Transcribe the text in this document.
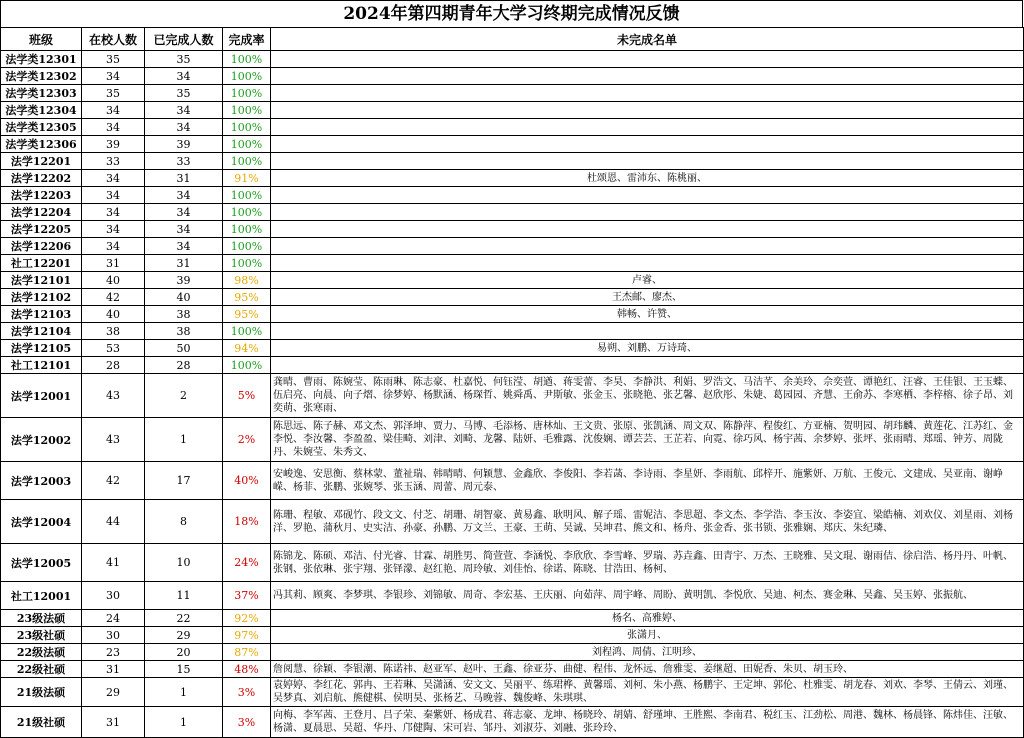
2024年第四期青年大学习终期完成情况反馈
班级	在校人数	已完成人数	完成率	未完成名单
法学类12301	35	35	100%	
法学类12302	34	34	100%	
法学类12303	35	35	100%	
法学类12304	34	34	100%	
法学类12305	34	34	100%	
法学类12306	39	39	100%	
法学12201	33	33	100%	
法学12202	34	31	91%	杜颂恩、雷沛东、陈桃丽、
法学12203	34	34	100%	
法学12204	34	34	100%	
法学12205	34	34	100%	
法学12206	34	34	100%	
社工12201	31	31	100%	
法学12101	40	39	98%	卢睿、
法学12102	42	40	95%	王杰邮、廖杰、
法学12103	40	38	95%	韩畅、许赞、
法学12104	38	38	100%	
法学12105	53	50	94%	易朔、刘鹏、万诗琦、
社工12101	28	28	100%	
法学12001	43	2	5%	龚晴、曹雨、陈婉莹、陈雨琳、陈志豪、杜嘉悦、何钰滢、胡遒、蒋雯蕾、李昊、李静洪、利娟、罗浩文、马洁芊、余美玲、佘奕萱、谭艳红、汪睿、王佳银、王玉蝶、伍启亮、向晨、向子熠、徐梦婷、杨默涵、杨琛哲、姚舜禹、尹斯敏、张金玉、张晓艳、张艺馨、赵欣彤、朱婕、葛园园、齐慧、王俞苏、李寒栖、李梓榕、徐子昂、刘奕萌、张寒雨、
法学12002	43	1	2%	陈思远、陈子赫、邓文杰、郭泽坤、贾力、马博、毛添杨、唐林灿、王文贵、张原、张凯涵、周文双、陈静萍、程俊红、方亚楠、贺明园、胡玮麟、黄莲花、江苏红、金李悦、李汝馨、李盈盈、梁佳畸、刘津、刘畸、龙馨、陆妍、毛雅露、沈俊娴、谭芸芸、王芷若、向霓、徐巧风、杨宇茜、余梦婷、张坪、张雨晴、郑瑶、钟芳、周陇丹、朱婉莹、朱秀文、
法学12003	42	17	40%	安峻逸、安思衡、蔡林蒙、董祉瑞、韩晴晴、何颖慧、金鑫欣、李俊阳、李若菡、李诗雨、李星妍、李雨航、邱梓开、施紫妍、万航、王俊元、文建成、吴亚南、谢峥嵘、杨菲、张鹏、张婉琴、张玉涵、周蕾、周元泰、
法学12004	44	8	18%	陈珊、程敏、邓砚竹、段文文、付芝、胡珊、胡智豪、黄易鑫、耿明风、解子瑶、雷妮洁、李思超、李文杰、李学浩、李玉汝、李姿宜、梁皓楠、刘欢仪、刘星雨、刘杨洋、罗艳、蒲秋月、史实洁、孙豪、孙鹏、万文兰、王豪、王萌、吴诚、吴坤君、熊文和、杨舟、张金香、张书锁、张雅娴、郑庆、朱纪璘、
法学12005	41	10	24%	陈锦龙、陈硕、邓洁、付光睿、甘霖、胡胜男、简萱萱、李涵悦、李欣欣、李雪峰、罗瑞、苏垚鑫、田青宇、万杰、王晓雅、吴文琨、谢雨佶、徐启浩、杨丹丹、叶帆、张钢、张依琳、张宇翔、张铎濛、赵红艳、周玲敏、刘佳怡、徐诺、陈晓、甘浩田、杨柯、
社工12001	30	11	37%	冯其莉、顾爽、李梦琪、李银珍、刘锦敏、周奇、李宏基、王庆丽、向茹萍、周宇峰、周盼、黄明凯、李悦欣、吴迪、柯杰、赛金琳、吴鑫、吴玉婷、张振航、
23级法硕	24	22	92%	杨名、高雅婷、
23级社硕	30	29	97%	张潇月、
22级法硕	23	20	87%	刘程鸿、周倩、江明珍、
22级社硕	31	15	48%	詹阅慧、徐颖、李银潮、陈诺祎、赵亚军、赵叶、王鑫、徐亚芬、曲健、程伟、龙怀远、詹雅雯、姜继超、田妮香、朱贝、胡玉玲、
21级法硕	29	1	3%	袁婷婷、李红花、郭冉、王若琳、吴潇涵、安文文、吴丽平、练珺桦、黄馨瑶、刘柯、朱小燕、杨鹏宇、王定坤、郭伦、杜雅雯、胡龙春、刘欢、李琴、王倩云、刘瑾、吴梦真、刘启航、熊健棋、侯明昊、张杨艺、马晚蓉、魏俊峰、朱琪琪、
21级社硕	31	1	3%	向梅、李军茜、王登月、吕子荣、秦紫妍、杨成君、蒋志豪、龙坤、杨晓玲、胡婧、舒瑾坤、王胜熙、李南君、税红玉、江劲松、周港、魏林、杨晨锋、陈炜佳、汪敏、杨潇、夏晨思、吴超、华丹、邝健陶、宋可岩、邹丹、刘淑芬、刘融、张玲玲、
